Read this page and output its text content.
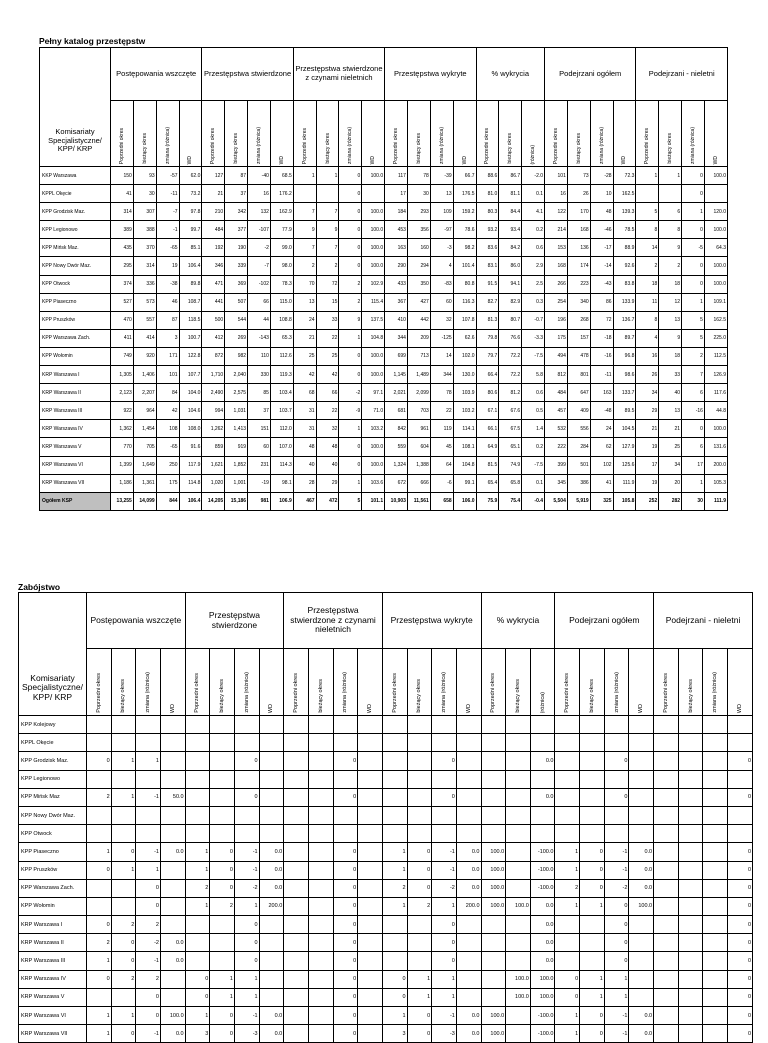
Pełny katalog przestępstw
Komisariaty Specjalistyczne/ KPP/ KRP	Postępowania wszczęte				Przestępstwa stwierdzone				Przestępstwa stwierdzone z czynami nieletnich				Przestępstwa wykryte				% wykrycia			Podejrzani ogółem				Podejrzani - nieletni			
	Poprzedni okres	bieżący okres	zmiana (różnica)	WD	Poprzedni okres	bieżący okres	zmiana (różnica)	WD	Poprzedni okres	bieżący okres	zmiana (różnica)	WD	Poprzedni okres	bieżący okres	zmiana (różnica)	WD	Poprzedni okres	bieżący okres	(różnica)	Poprzedni okres	bieżący okres	zmiana (różnica)	WD	Poprzedni okres	bieżący okres	zmiana (różnica)	WD
KKP Warszawa	150	93	-57	62.0	127	87	-40	68.5	1	1	0	100.0	117	78	-39	66.7	88.6	86.7	-2.0	101	73	-28	72.3	1	1	0	100.0
KPPL Okęcie	41	30	-11	73.2	21	37	16	176.2			0		17	30	13	176.5	81.0	81.1	0.1	16	26	10	162.5			0	
KPP Grodzisk Maz.	314	307	-7	97.8	210	342	132	162.9	7	7	0	100.0	184	293	109	159.2	80.3	84.4	4.1	122	170	48	139.3	5	6	1	120.0
KPP Legionowo	389	388	-1	99.7	484	377	-107	77.9	9	9	0	100.0	453	356	-97	78.6	93.2	93.4	0.2	214	168	-46	78.5	8	8	0	100.0
KPP Mińsk Maz.	435	370	-65	85.1	192	190	-2	99.0	7	7	0	100.0	163	160	-3	98.2	83.6	84.2	0.6	153	136	-17	88.9	14	9	-5	64.3
KPP Nowy Dwór Maz.	295	314	19	106.4	346	339	-7	98.0	2	2	0	100.0	290	294	4	101.4	83.1	86.0	2.9	168	174	-14	92.6	2	2	0	100.0
KPP Otwock	374	336	-38	89.8	471	369	-102	78.3	70	72	2	102.9	433	350	-83	80.8	91.5	94.1	2.5	266	223	-43	83.8	18	18	0	100.0
KPP Piaseczno	527	573	46	108.7	441	507	66	115.0	13	15	2	115.4	367	427	60	116.3	82.7	82.9	0.3	254	340	86	133.9	11	12	1	109.1
KPP Pruszków	470	557	87	118.5	500	544	44	108.8	24	33	9	137.5	410	442	32	107.8	81.3	80.7	-0.7	196	268	72	136.7	8	13	5	162.5
KPP Warszawa Zach.	411	414	3	100.7	412	269	-143	65.3	21	22	1	104.8	344	209	-125	62.6	79.8	76.6	-3.3	175	157	-18	89.7	4	9	5	225.0
KPP Wołomin	749	920	171	122.8	872	982	110	112.6	25	25	0	100.0	699	713	14	102.0	79.7	72.2	-7.5	494	478	-16	96.8	16	18	2	112.5
KRP Warszawa I	1,305	1,406	101	107.7	1,710	2,040	330	119.3	42	42	0	100.0	1,145	1,489	344	130.0	66.4	72.2	5.8	812	801	-11	98.6	26	33	7	126.9
KRP Warszawa II	2,123	2,207	84	104.0	2,490	2,575	85	103.4	68	66	-2	97.1	2,021	2,099	78	103.9	80.6	81.2	0.6	484	647	163	133.7	34	40	6	117.6
KRP Warszawa III	922	964	42	104.6	994	1,031	37	103.7	31	22	-9	71.0	681	703	22	103.2	67.1	67.6	0.5	457	409	-48	89.5	29	13	-16	44.8
KRP Warszawa IV	1,362	1,454	108	108.0	1,262	1,413	151	112.0	31	32	1	103.2	842	961	119	114.1	66.1	67.5	1.4	532	556	24	104.5	21	21	0	100.0
KRP Warszawa V	770	705	-65	91.6	859	919	60	107.0	48	48	0	100.0	559	604	45	108.1	64.9	65.1	0.2	222	284	62	127.9	19	25	6	131.6
KRP Warszawa VI	1,399	1,649	250	117.9	1,621	1,852	231	114.3	40	40	0	100.0	1,324	1,388	64	104.8	81.5	74.9	-7.5	399	501	102	125.6	17	34	17	200.0
KRP Warszawa VII	1,186	1,361	175	114.8	1,020	1,001	-19	98.1	28	29	1	103.6	672	666	-6	99.1	65.4	65.8	0.1	345	386	41	111.9	19	20	1	105.3
Ogółem KSP	13,255	14,099	844	106.4	14,205	15,186	981	106.9	467	472	5	101.1	10,903	11,561	658	106.0	75.9	75.4	-0.4	5,504	5,919	325	105.8	252	282	30	111.9
Zabójstwo
Komisariaty Specjalistyczne/ KPP/ KRP	Postępowania wszczęte				Przestępstwa stwierdzone				Przestępstwa stwierdzone z czynami nieletnich				Przestępstwa wykryte				% wykrycia			Podejrzani ogółem				Podejrzani - nieletni			
	Poprzedni okres	bieżący okres	zmiana (różnica)	WD	Poprzedni okres	bieżący okres	zmiana (różnica)	WD	Poprzedni okres	bieżący okres	zmiana (różnica)	WD	Poprzedni okres	bieżący okres	zmiana (różnica)	WD	Poprzedni okres	bieżący okres	(różnica)	Poprzedni okres	bieżący okres	zmiana (różnica)	WD	Poprzedni okres	bieżący okres	zmiana (różnica)	WD
KPP Kolejowy																											
KPPL Okęcie																											
KPP Grodzisk Maz.	0	1	1				0				0				0				0.0			0					0
KPP Legionowo																											
KPP Mińsk Maz	2	1	-1	50.0			0				0				0				0.0			0					0
KPP Nowy Dwór Maz.																											
KPP Otwock																											
KPP Piaseczno	1	0	-1	0.0	1	0	-1	0.0			0		1	0	-1	0.0	100.0		-100.0	1	0	-1	0.0				0
KPP Pruszków	0	1	1		1	0	-1	0.0			0		1	0	-1	0.0	100.0		-100.0	1	0	-1	0.0				0
KPP Warszawa Zach.			0		2	0	-2	0.0			0		2	0	-2	0.0	100.0		-100.0	2	0	-2	0.0				0
KPP Wołomin			0		1	2	1	200.0			0		1	2	1	200.0	100.0	100.0	0.0	1	1	0	100.0				0
KRP Warszawa I	0	2	2				0				0				0				0.0			0					0
KRP Warszawa II	2	0	-2	0.0			0				0				0				0.0			0					0
KRP Warszawa III	1	0	-1	0.0			0				0				0				0.0			0					0
KRP Warszawa IV	0	2	2		0	1	1				0		0	1	1			100.0	100.0	0	1	1					0
KRP Warszawa V			0		0	1	1				0		0	1	1			100.0	100.0	0	1	1					0
KRP Warszawa VI	1	1	0	100.0	1	0	-1	0.0			0		1	0	-1	0.0	100.0		-100.0	1	0	-1	0.0				0
KRP Warszawa VII	1	0	-1	0.0	3	0	-3	0.0			0		3	0	-3	0.0	100.0		-100.0	1	0	-1	0.0				0
